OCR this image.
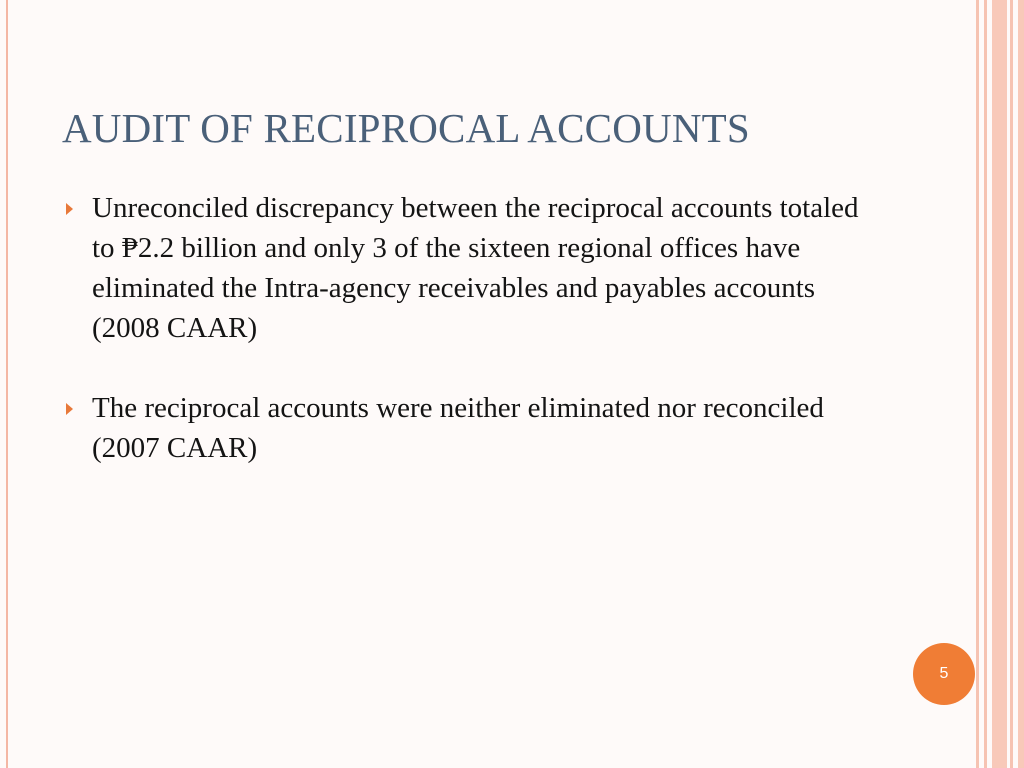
AUDIT OF RECIPROCAL ACCOUNTS
Unreconciled discrepancy between the reciprocal accounts totaled to ₱2.2 billion and only 3 of the sixteen regional offices have eliminated the Intra-agency receivables and payables accounts (2008 CAAR)
The reciprocal accounts were neither eliminated nor reconciled (2007 CAAR)
5
